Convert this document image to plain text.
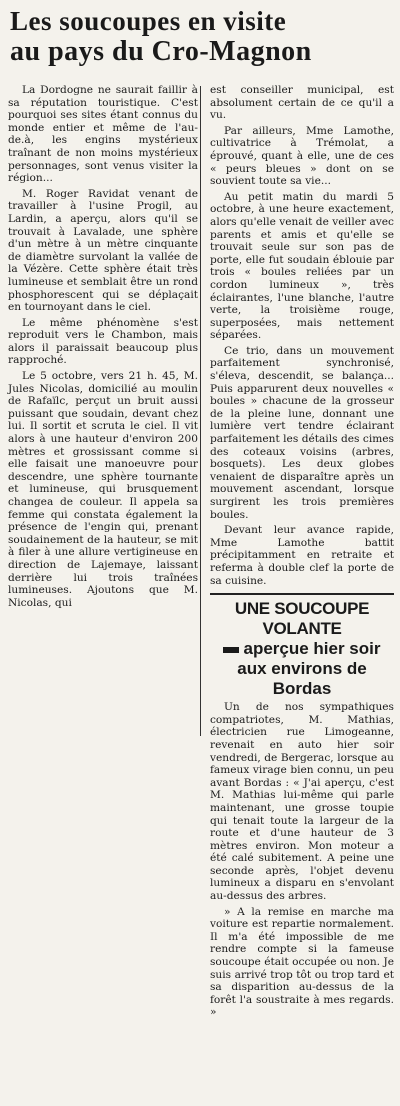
Les soucoupes en visite
au pays du Cro-Magnon

La Dordogne ne saurait faillir à sa réputation touristique. C'est pourquoi ses sites étant connus du monde entier et même de l'au-de.à, les engins mystérieux traînant de non moins mystérieux personnages, sont venus visiter la région...

M. Roger Ravidat venant de travailler à l'usine Progil, au Lardin, a aperçu, alors qu'il se trouvait à Lavalade, une sphère d'un mètre à un mètre cinquante de diamètre survolant la vallée de la Vézère. Cette sphère était très lumineuse et semblait être un rond phosphorescent qui se déplaçait en tournoyant dans le ciel.

Le même phénomène s'est reproduit vers le Chambon, mais alors il paraissait beaucoup plus rapproché.

Le 5 octobre, vers 21 h. 45, M. Jules Nicolas, domicilié au moulin de Rafaïlc, perçut un bruit aussi puissant que soudain, devant chez lui. Il sortit et scruta le ciel. Il vit alors à une hauteur d'environ 200 mètres et grossissant comme si elle faisait une manoeuvre pour descendre, une sphère tournante et lumineuse, qui brusquement changea de couleur. Il appela sa femme qui constata également la présence de l'engin qui, prenant soudainement de la hauteur, se mit à filer à une allure vertigineuse en direction de Lajemaye, laissant derrière lui trois traînées lumineuses. Ajoutons que M. Nicolas, qui

est conseiller municipal, est absolument certain de ce qu'il a vu.

Par ailleurs, Mme Lamothe, cultivatrice à Trémolat, a éprouvé, quant à elle, une de ces « peurs bleues » dont on se souvient toute sa vie...

Au petit matin du mardi 5 octobre, à une heure exactement, alors qu'elle venait de veiller avec parents et amis et qu'elle se trouvait seule sur son pas de porte, elle fut soudain éblouie par trois « boules reliées par un cordon lumineux », très éclairantes, l'une blanche, l'autre verte, la troisième rouge, superposées, mais nettement séparées.

Ce trio, dans un mouvement parfaitement synchronisé, s'éleva, descendit, se balança... Puis apparurent deux nouvelles « boules » chacune de la grosseur de la pleine lune, donnant une lumière vert tendre éclairant parfaitement les détails des cimes des coteaux voisins (arbres, bosquets). Les deux globes venaient de disparaître après un mouvement ascendant, lorsque surgirent les trois premières boules.

Devant leur avance rapide, Mme Lamothe battit précipitamment en retraite et referma à double clef la porte de sa cuisine.

UNE SOUCOUPE VOLANTE
aperçue hier soir
aux environs de Bordas

Un de nos sympathiques compatriotes, M. Mathias, électricien rue Limogeanne, revenait en auto hier soir vendredi, de Bergerac, lorsque au fameux virage bien connu, un peu avant Bordas : « J'ai aperçu, c'est M. Mathias lui-même qui parle maintenant, une grosse toupie qui tenait toute la largeur de la route et d'une hauteur de 3 mètres environ. Mon moteur a été calé subitement. A peine une seconde après, l'objet devenu lumineux a disparu en s'envolant au-dessus des arbres.

» A la remise en marche ma voiture est repartie normalement. Il m'a été impossible de me rendre compte si la fameuse soucoupe était occupée ou non. Je suis arrivé trop tôt ou trop tard et sa disparition au-dessus de la forêt l'a soustraite à mes regards. »
